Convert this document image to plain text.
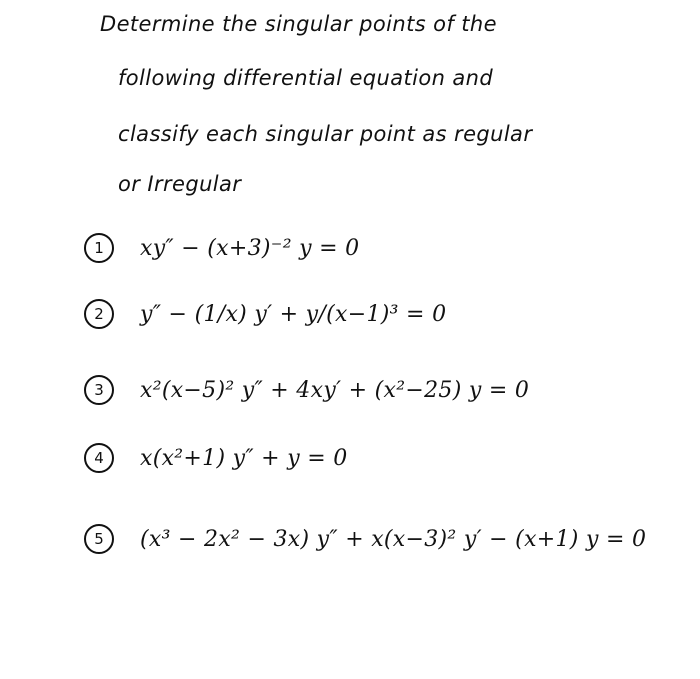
Determine the singular points of the
following differential equation and
classify each singular point as regular
or Irregular
1	xy″ − (x+3)⁻² y = 0
2	y″ − (1/x) y′ + y/(x−1)³ = 0
3	x²(x−5)² y″ + 4xy′ + (x²−25) y = 0
4	x(x²+1) y″ + y = 0
5	(x³ − 2x² − 3x) y″ + x(x−3)² y′ − (x+1) y = 0
